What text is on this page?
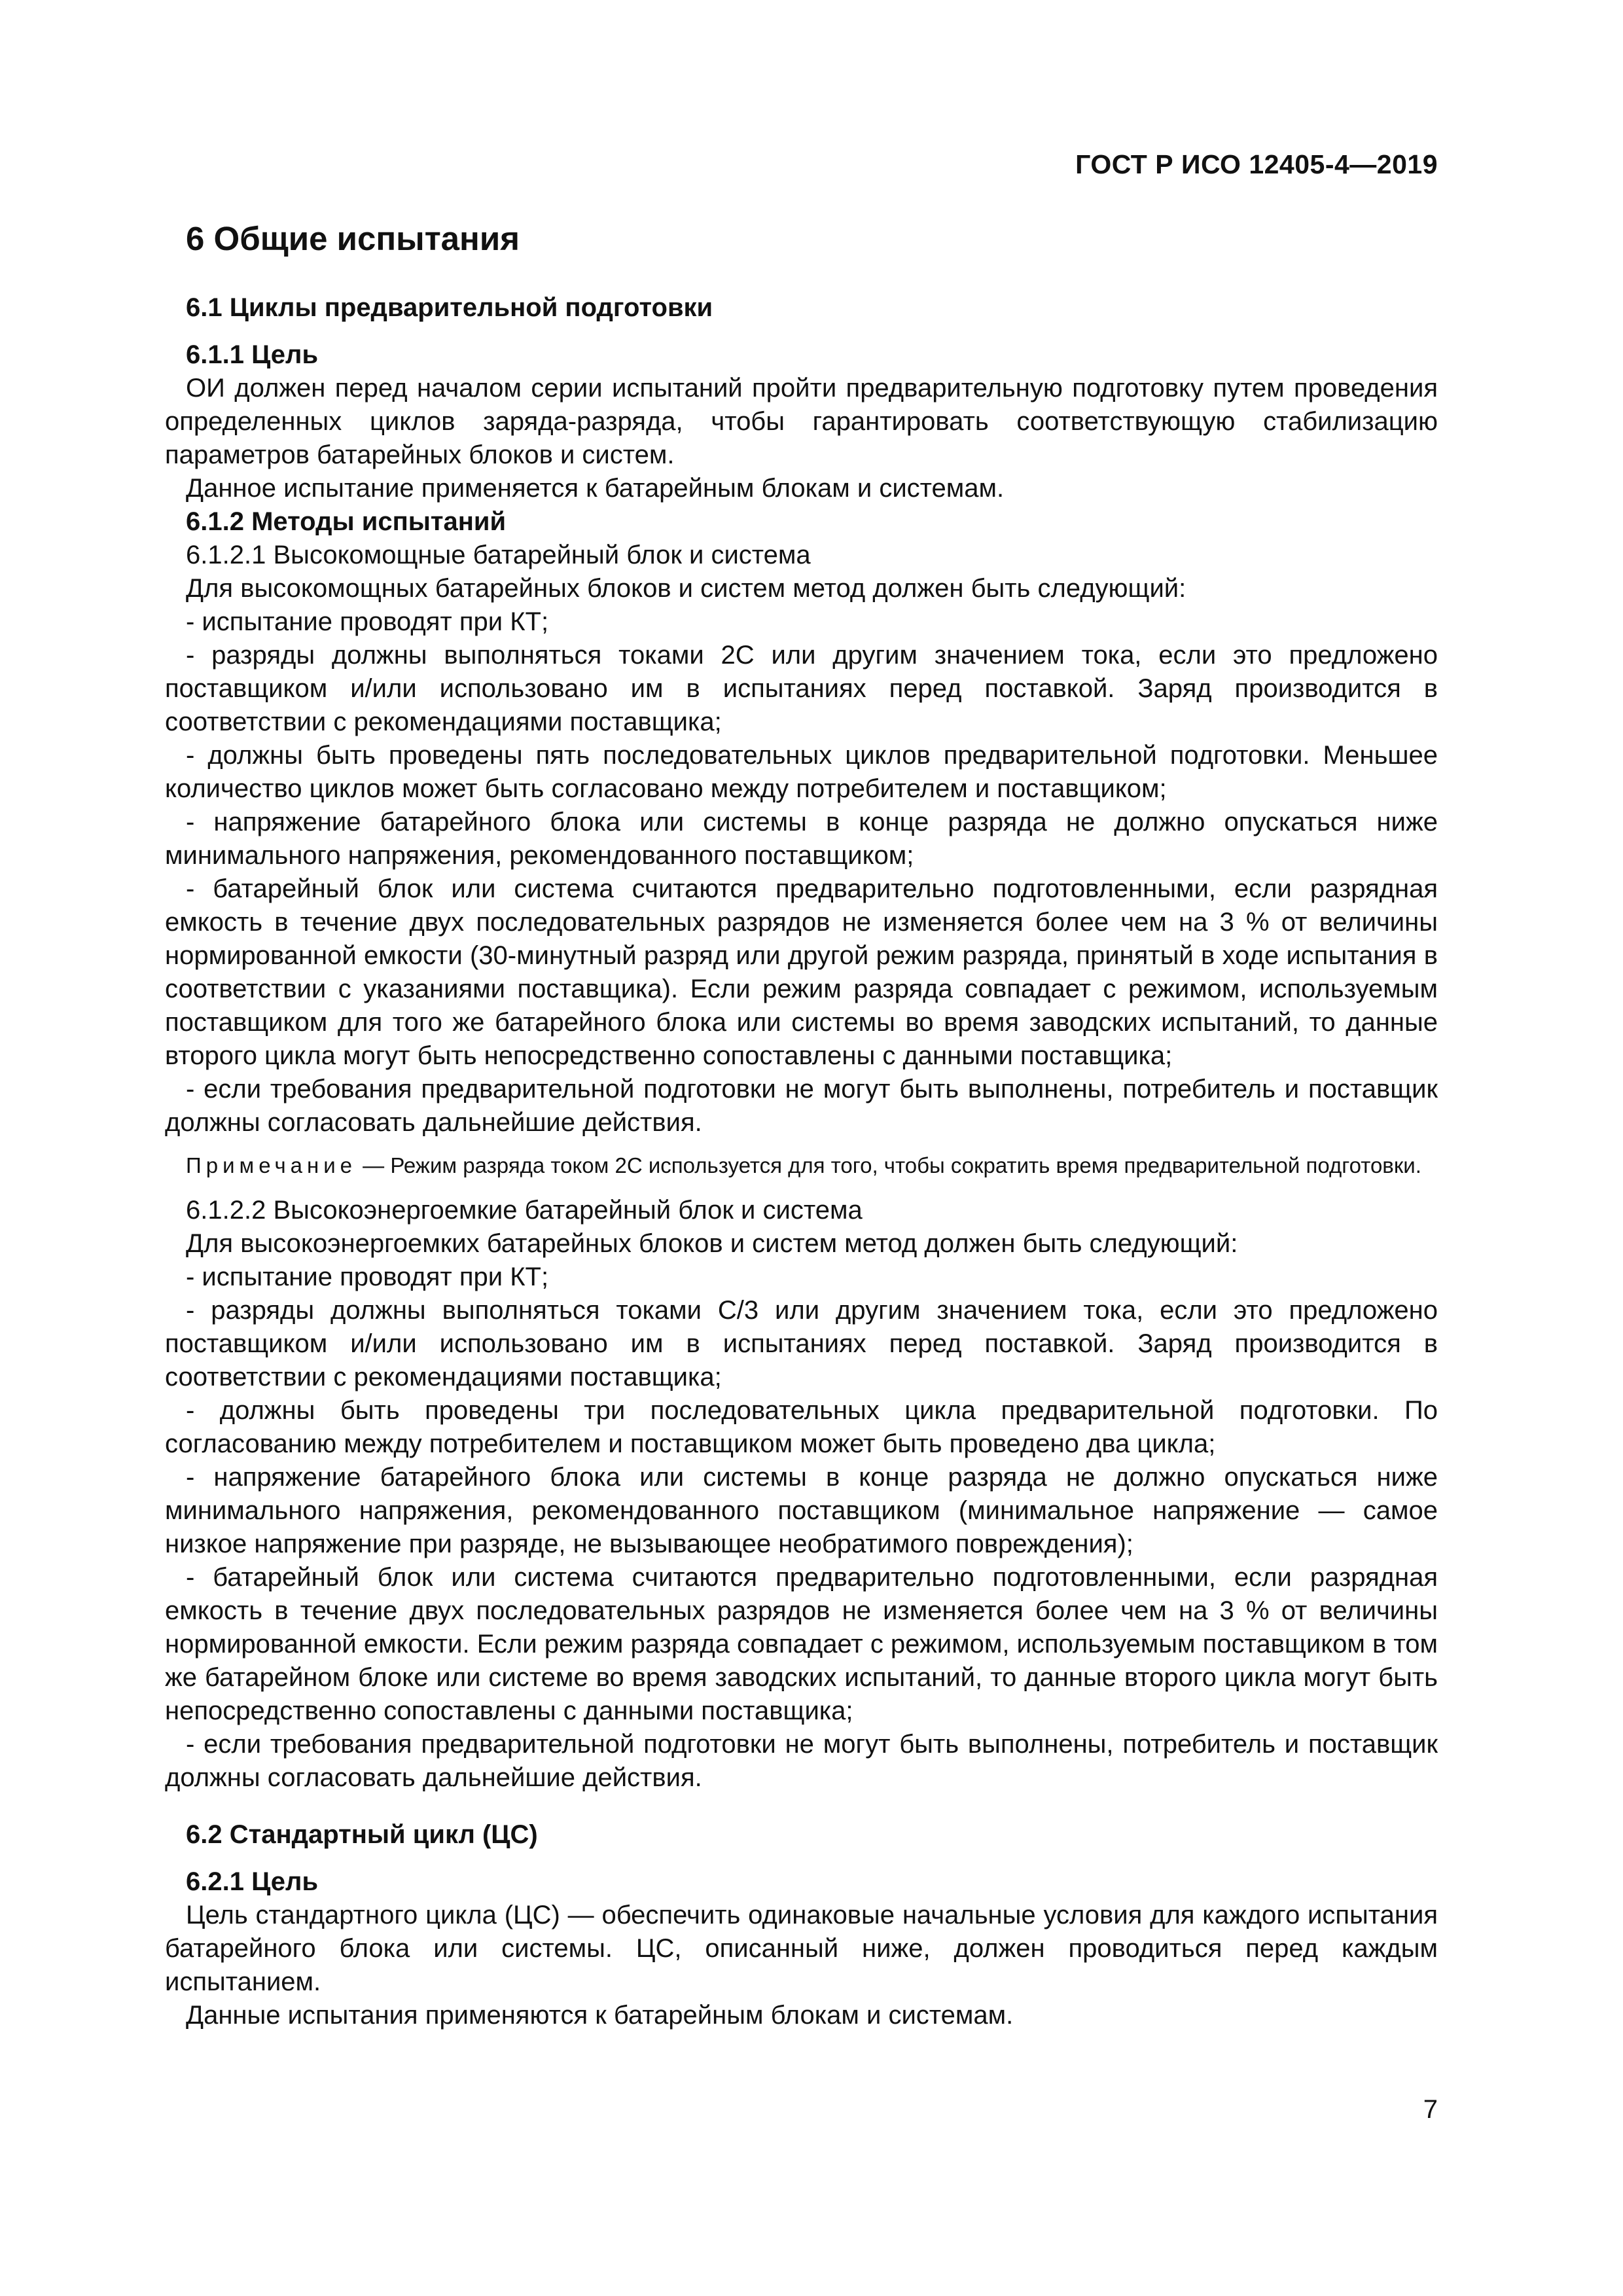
ГОСТ Р ИСО 12405-4—2019
6 Общие испытания
6.1 Циклы предварительной подготовки
6.1.1 Цель

ОИ должен перед началом серии испытаний пройти предварительную подготовку путем проведения определенных циклов заряда-разряда, чтобы гарантировать соответствующую стабилизацию параметров батарейных блоков и систем.

Данное испытание применяется к батарейным блокам и системам.

6.1.2 Методы испытаний

6.1.2.1 Высокомощные батарейный блок и система

Для высокомощных батарейных блоков и систем метод должен быть следующий:

- испытание проводят при КТ;

- разряды должны выполняться токами 2C или другим значением тока, если это предложено поставщиком и/или использовано им в испытаниях перед поставкой. Заряд производится в соответствии с рекомендациями поставщика;

- должны быть проведены пять последовательных циклов предварительной подготовки. Меньшее количество циклов может быть согласовано между потребителем и поставщиком;

- напряжение батарейного блока или системы в конце разряда не должно опускаться ниже минимального напряжения, рекомендованного поставщиком;

- батарейный блок или система считаются предварительно подготовленными, если разрядная емкость в течение двух последовательных разрядов не изменяется более чем на 3 % от величины нормированной емкости (30-минутный разряд или другой режим разряда, принятый в ходе испытания в соответствии с указаниями поставщика). Если режим разряда совпадает с режимом, используемым поставщиком для того же батарейного блока или системы во время заводских испытаний, то данные второго цикла могут быть непосредственно сопоставлены с данными поставщика;

- если требования предварительной подготовки не могут быть выполнены, потребитель и поставщик должны согласовать дальнейшие действия.

Примечание — Режим разряда током 2C используется для того, чтобы сократить время предварительной подготовки.

6.1.2.2 Высокоэнергоемкие батарейный блок и система

Для высокоэнергоемких батарейных блоков и систем метод должен быть следующий:

- испытание проводят при КТ;

- разряды должны выполняться токами C/3 или другим значением тока, если это предложено поставщиком и/или использовано им в испытаниях перед поставкой. Заряд производится в соответствии с рекомендациями поставщика;

- должны быть проведены три последовательных цикла предварительной подготовки. По согласованию между потребителем и поставщиком может быть проведено два цикла;

- напряжение батарейного блока или системы в конце разряда не должно опускаться ниже минимального напряжения, рекомендованного поставщиком (минимальное напряжение — самое низкое напряжение при разряде, не вызывающее необратимого повреждения);

- батарейный блок или система считаются предварительно подготовленными, если разрядная емкость в течение двух последовательных разрядов не изменяется более чем на 3 % от величины нормированной емкости. Если режим разряда совпадает с режимом, используемым поставщиком в том же батарейном блоке или системе во время заводских испытаний, то данные второго цикла могут быть непосредственно сопоставлены с данными поставщика;

- если требования предварительной подготовки не могут быть выполнены, потребитель и поставщик должны согласовать дальнейшие действия.

6.2 Стандартный цикл (ЦС)
6.2.1 Цель

Цель стандартного цикла (ЦС) — обеспечить одинаковые начальные условия для каждого испытания батарейного блока или системы. ЦС, описанный ниже, должен проводиться перед каждым испытанием.

Данные испытания применяются к батарейным блокам и системам.

7
